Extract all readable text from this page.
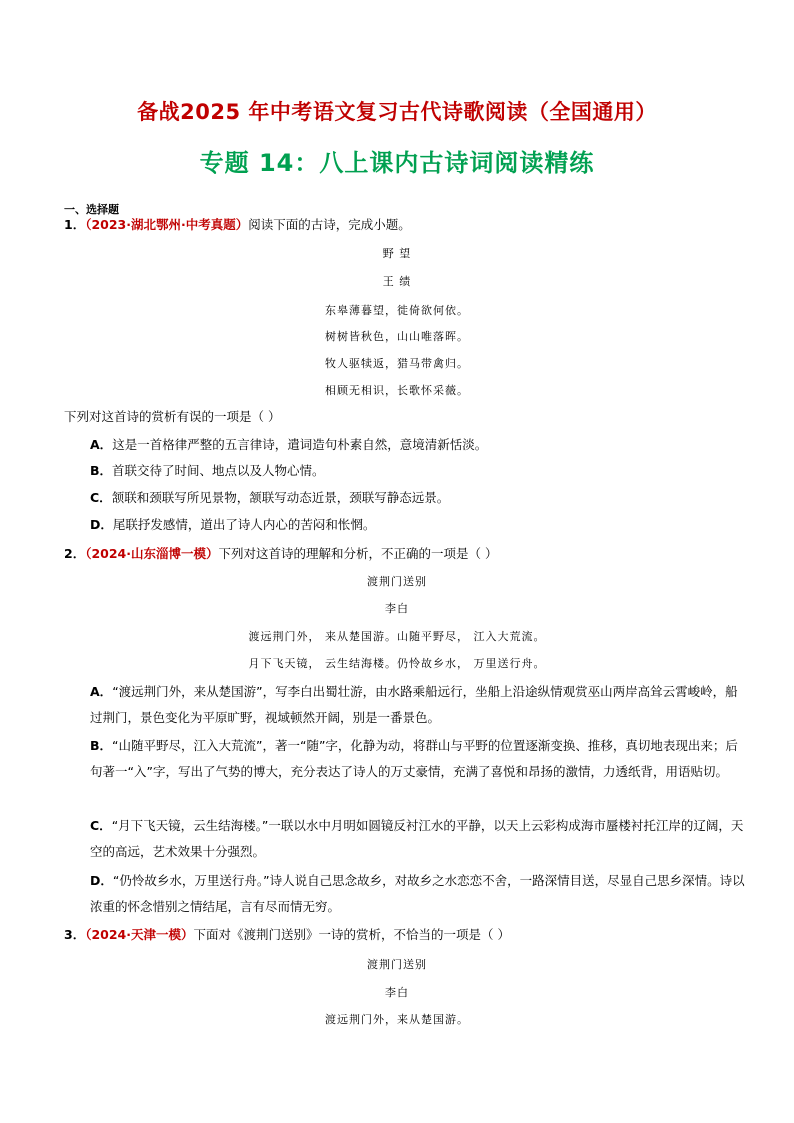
备战2025 年中考语文复习古代诗歌阅读（全国通用）
专题 14：八上课内古诗词阅读精练
一、选择题
1．（2023·湖北鄂州·中考真题）阅读下面的古诗，完成小题。
野 望
王 绩
东皋薄暮望，徙倚欲何依。
树树皆秋色，山山唯落晖。
牧人驱犊返，猎马带禽归。
相顾无相识，长歌怀采薇。
下列对这首诗的赏析有误的一项是（ ）
A．这是一首格律严整的五言律诗，遣词造句朴素自然，意境清新恬淡。
B．首联交待了时间、地点以及人物心情。
C．颔联和颈联写所见景物，颔联写动态近景，颈联写静态远景。
D．尾联抒发感情，道出了诗人内心的苦闷和怅惘。
2．（2024·山东淄博一模）下列对这首诗的理解和分析，不正确的一项是（ ）
渡荆门送别
李白
渡远荆门外， 来从楚国游。山随平野尽， 江入大荒流。
月下飞天镜， 云生结海楼。仍怜故乡水， 万里送行舟。
A．“渡远荆门外，来从楚国游”，写李白出蜀壮游，由水路乘船远行，坐船上沿途纵情观赏巫山两岸高耸云霄峻岭，船过荆门，景色变化为平原旷野，视域顿然开阔，别是一番景色。
B．“山随平野尽，江入大荒流”，著一“随”字，化静为动，将群山与平野的位置逐渐变换、推移，真切地表现出来；后句著一“入”字，写出了气势的博大，充分表达了诗人的万丈豪情，充满了喜悦和昂扬的激情，力透纸背，用语贴切。
C．“月下飞天镜，云生结海楼。”一联以水中月明如圆镜反衬江水的平静，以天上云彩构成海市蜃楼衬托江岸的辽阔，天空的高远，艺术效果十分强烈。
D．“仍怜故乡水，万里送行舟。”诗人说自己思念故乡，对故乡之水恋恋不舍，一路深情目送，尽显自己思乡深情。诗以浓重的怀念惜别之情结尾，言有尽而情无穷。
3．（2024·天津一模）下面对《渡荆门送别》一诗的赏析，不恰当的一项是（ ）
渡荆门送别
李白
渡远荆门外，来从楚国游。
